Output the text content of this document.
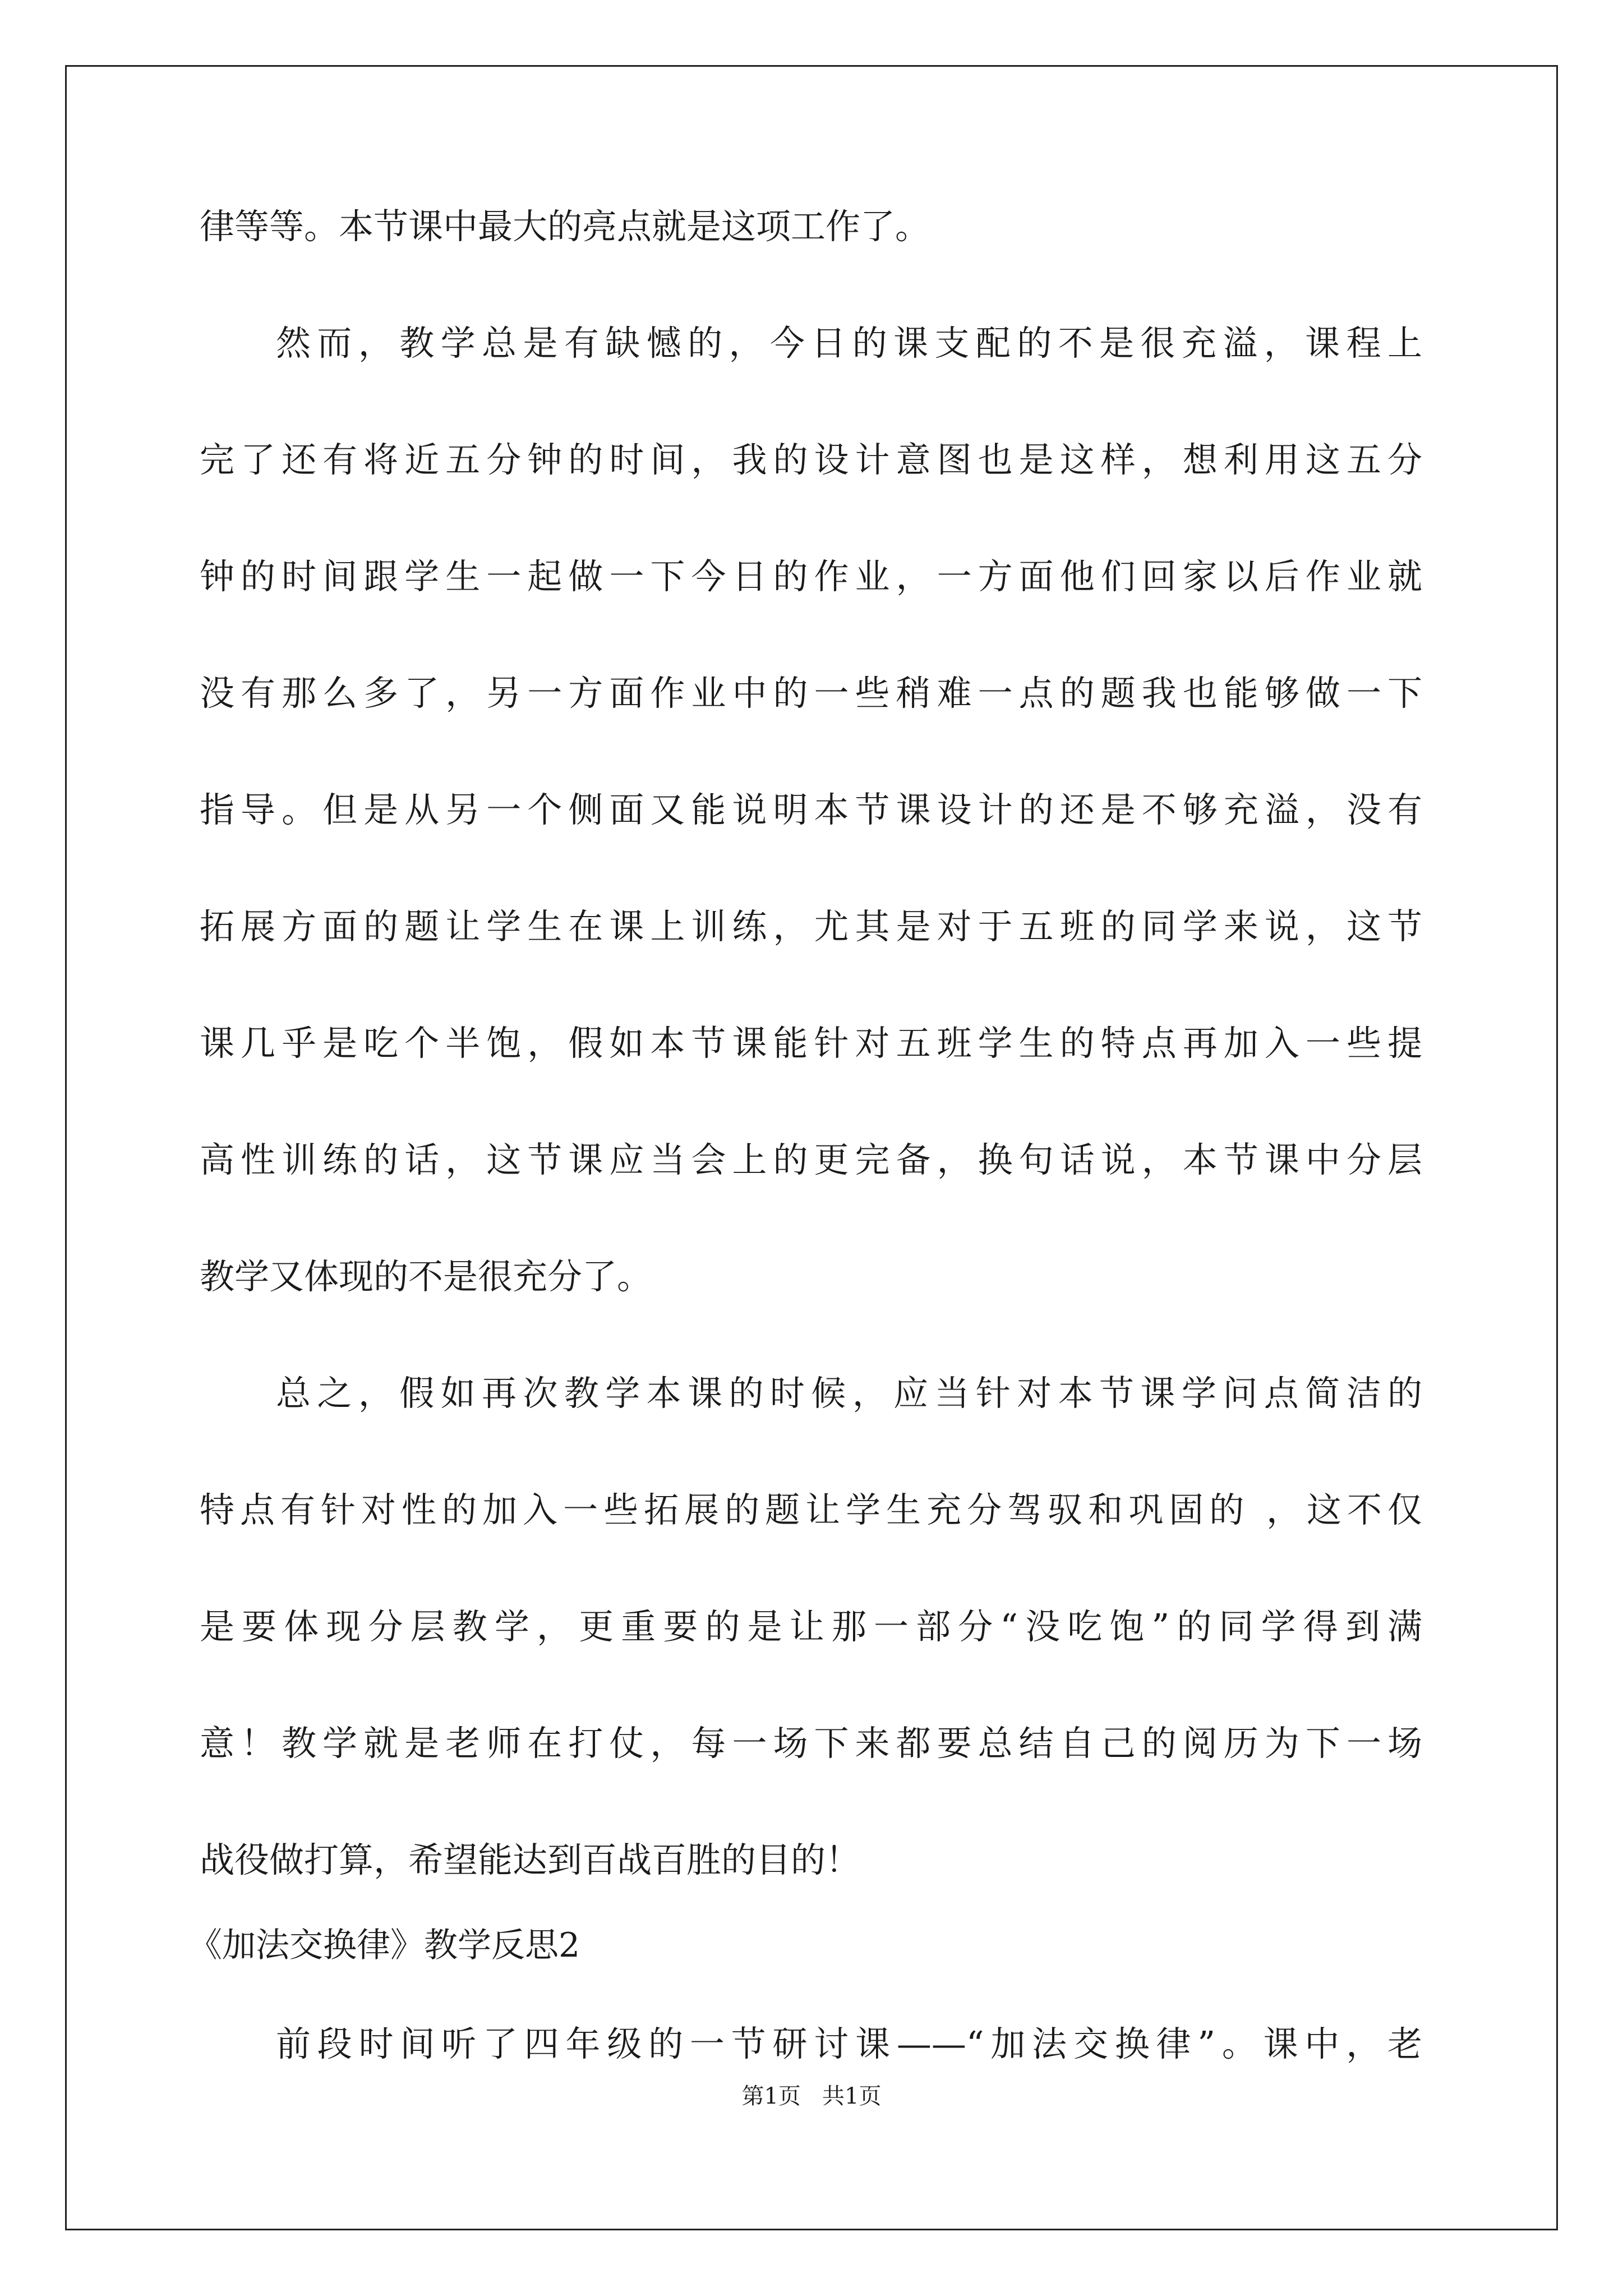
律等等。本节课中最大的亮点就是这项工作了。
然而，教学总是有缺憾的，今日的课支配的不是很充溢，课程上
完了还有将近五分钟的时间，我的设计意图也是这样，想利用这五分
钟的时间跟学生一起做一下今日的作业，一方面他们回家以后作业就
没有那么多了，另一方面作业中的一些稍难一点的题我也能够做一下
指导。但是从另一个侧面又能说明本节课设计的还是不够充溢，没有
拓展方面的题让学生在课上训练，尤其是对于五班的同学来说，这节
课几乎是吃个半饱，假如本节课能针对五班学生的特点再加入一些提
高性训练的话，这节课应当会上的更完备，换句话说，本节课中分层
教学又体现的不是很充分了。
总之，假如再次教学本课的时候，应当针对本节课学问点简洁的
特点有针对性的加入一些拓展的题让学生充分驾驭和巩固的 ，这不仅
是要体现分层教学，更重要的是让那一部分“没吃饱”的同学得到满
意！教学就是老师在打仗，每一场下来都要总结自己的阅历为下一场
战役做打算，希望能达到百战百胜的目的！
《加法交换律》教学反思2
前段时间听了四年级的一节研讨课——“加法交换律”。课中，老
第1页   共1页
